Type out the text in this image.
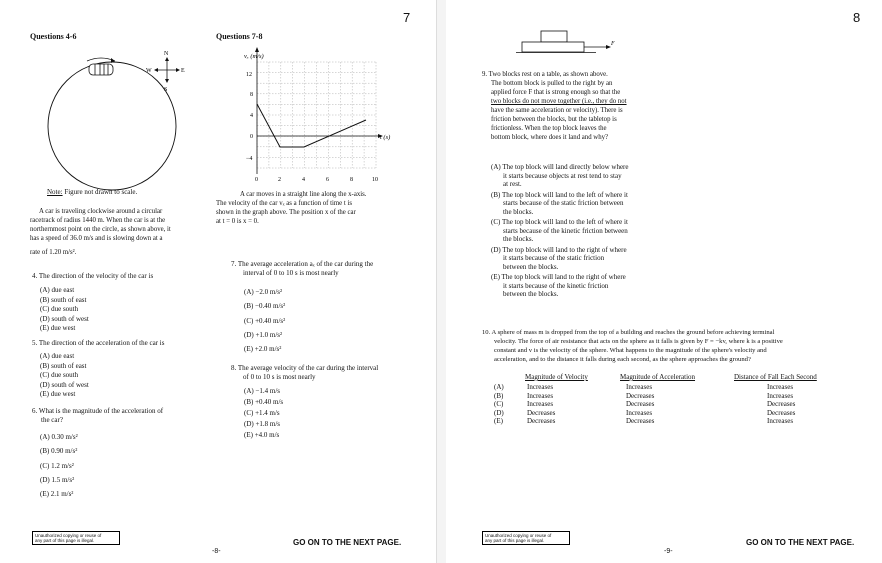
7
Questions 4-6
N
S
E
W
Note: Figure not drawn to scale.
A car is traveling clockwise around a circular
racetrack of radius 1440 m. When the car is at the
northernmost point on the circle, as shown above, it
has a speed of 36.0 m/s and is slowing down at a
rate of 1.20 m/s².
4. The direction of the velocity of the car is
(A) due east
(B) south of east
(C) due south
(D) south of west
(E) due west
5. The direction of the acceleration of the car is
(A) due east
(B) south of east
(C) due south
(D) south of west
(E) due west
6. What is the magnitude of the acceleration of
the car?
(A) 0.30 m/s²
(B) 0.90 m/s²
(C) 1.2 m/s²
(D) 1.5 m/s²
(E) 2.1 m/s²
Questions 7-8
vₓ (m/s)
t (s)
12
8
4
0
−4
0	2	4	6	8	10
A car moves in a straight line along the x-axis.
The velocity of the car vₓ as a function of time t is
shown in the graph above. The position x of the car
at t = 0 is x = 0.
7. The average acceleration aₓ of the car during the
interval of 0 to 10 s is most nearly
(A) −2.0 m/s²
(B) −0.40 m/s²
(C) +0.40 m/s²
(D) +1.0 m/s²
(E) +2.0 m/s²
8. The average velocity of the car during the interval
of 0 to 10 s is most nearly
(A) −1.4 m/s
(B) +0.40 m/s
(C) +1.4 m/s
(D) +1.8 m/s
(E) +4.0 m/s
Unauthorized copying or reuse of
any part of this page is illegal.
-8-
GO ON TO THE NEXT PAGE.
8
F
9. Two blocks rest on a table, as shown above.
The bottom block is pulled to the right by an
applied force F that is strong enough so that the
two blocks do not move together (i.e., they do not
have the same acceleration or velocity). There is
friction between the blocks, but the tabletop is
frictionless. When the top block leaves the
bottom block, where does it land and why?
(A) The top block will land directly below where
it starts because objects at rest tend to stay
at rest.
(B) The top block will land to the left of where it
starts because of the static friction between
the blocks.
(C) The top block will land to the left of where it
starts because of the kinetic friction between
the blocks.
(D) The top block will land to the right of where
it starts because of the static friction
between the blocks.
(E) The top block will land to the right of where
it starts because of the kinetic friction
between the blocks.
10. A sphere of mass m is dropped from the top of a building and reaches the ground before achieving terminal
velocity. The force of air resistance that acts on the sphere as it falls is given by F = −kv, where k is a positive
constant and v is the velocity of the sphere. What happens to the magnitude of the sphere's velocity and
acceleration, and to the distance it falls during each second, as the sphere approaches the ground?
	Magnitude of Velocity	Magnitude of Acceleration	Distance of Fall Each Second
(A)	Increases	Increases	Increases
(B)	Increases	Decreases	Increases
(C)	Increases	Decreases	Decreases
(D)	Decreases	Increases	Decreases
(E)	Decreases	Decreases	Increases
Unauthorized copying or reuse of
any part of this page is illegal.
-9-
GO ON TO THE NEXT PAGE.
